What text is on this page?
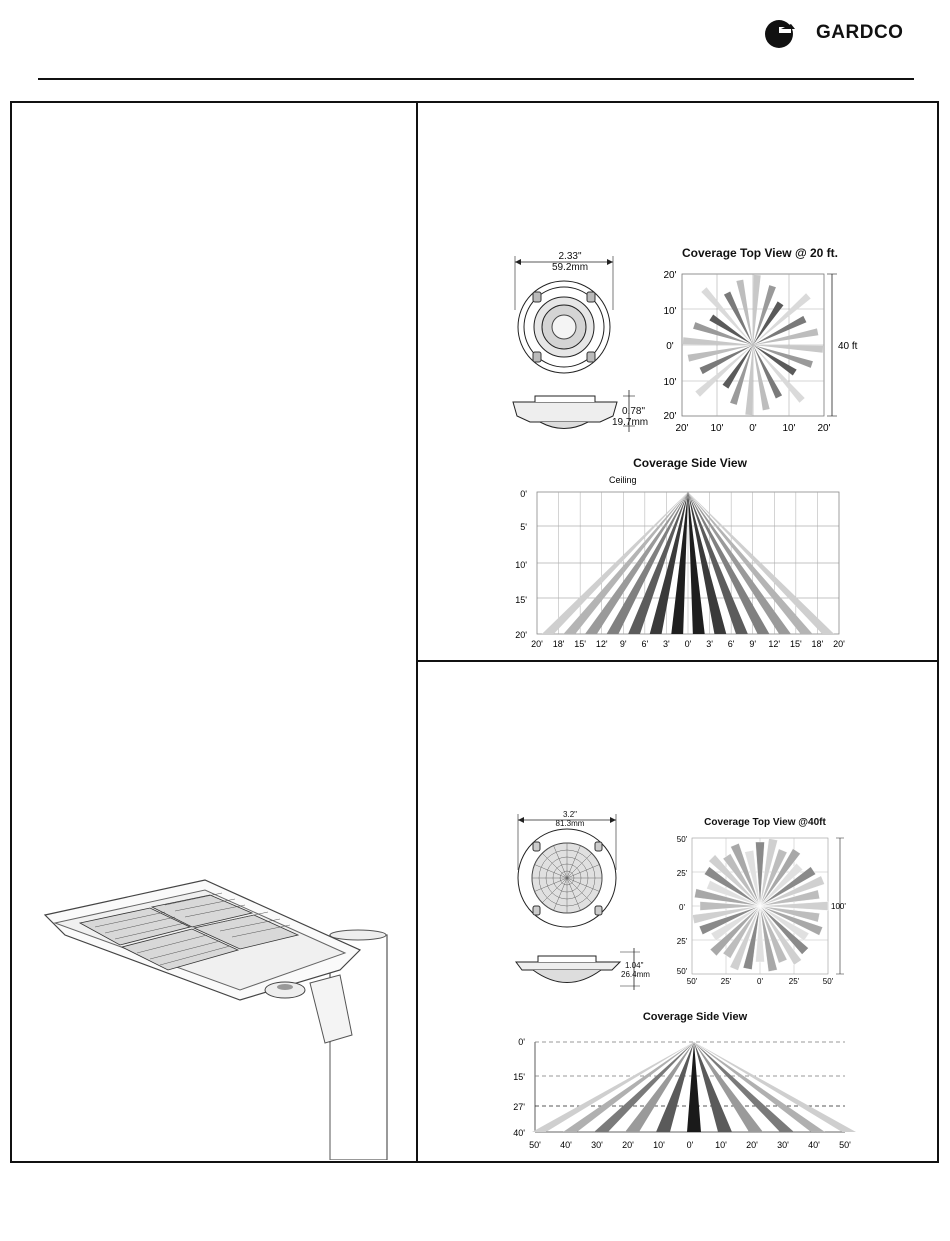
GARDCO
2.33"
59.2mm
0.78"
19.7mm
Coverage Top View @ 20 ft.
20'
10'
0'
10'
20'
20' 10'	0'	10' 20'
40 ft
Coverage Side View
Ceiling
0'
5'
10'
15'
20'
20' 18' 15' 12' 9' 6' 3' 0' 3' 6' 9' 12' 15' 18' 20'
3.2"
81.3mm
1.04"
26.4mm
Coverage Top View @40ft
50'
25'
0'
25'
50'
50'	25'	0'	25'	50'
100'
Coverage Side View
0'
15'
27'
40'
50' 40' 30' 20' 10' 0' 10' 20' 30' 40' 50'
